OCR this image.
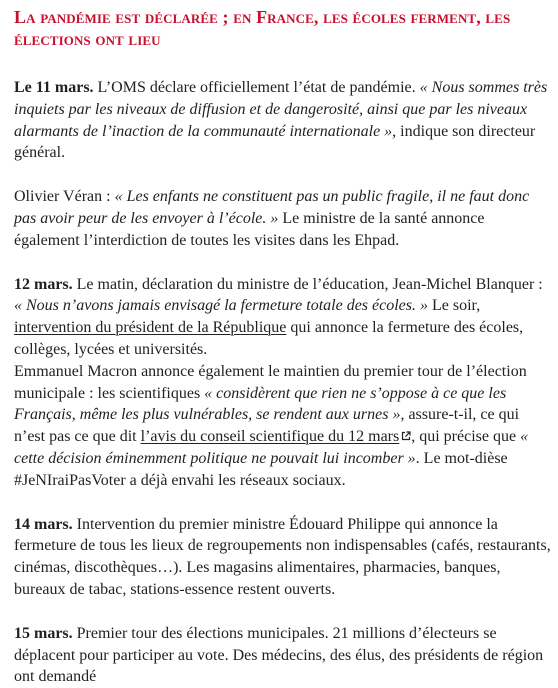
La pandémie est déclarée ; en France, les écoles ferment, les élections ont lieu

Le 11 mars. L’OMS déclare officiellement l’état de pandémie. « Nous sommes très inquiets par les niveaux de diffusion et de dangerosité, ainsi que par les niveaux alarmants de l’inaction de la communauté internationale », indique son directeur général.

Olivier Véran : « Les enfants ne constituent pas un public fragile, il ne faut donc pas avoir peur de les envoyer à l’école. » Le ministre de la santé annonce également l’interdiction de toutes les visites dans les Ehpad.

12 mars. Le matin, déclaration du ministre de l’éducation, Jean-Michel Blanquer : « Nous n’avons jamais envisagé la fermeture totale des écoles. » Le soir, intervention du président de la République qui annonce la fermeture des écoles, collèges, lycées et universités.

Emmanuel Macron annonce également le maintien du premier tour de l’élection municipale : les scientifiques « considèrent que rien ne s’oppose à ce que les Français, même les plus vulnérables, se rendent aux urnes », assure-t-il, ce qui n’est pas ce que dit l’avis du conseil scientifique du 12 mars , qui précise que « cette décision éminemment politique ne pouvait lui incomber ». Le mot-dièse #JeNIraiPasVoter a déjà envahi les réseaux sociaux.

14 mars. Intervention du premier ministre Édouard Philippe qui annonce la fermeture de tous les lieux de regroupements non indispensables (cafés, restaurants, cinémas, discothèques…). Les magasins alimentaires, pharmacies, banques, bureaux de tabac, stations-essence restent ouverts.

15 mars. Premier tour des élections municipales. 21 millions d’électeurs se déplacent pour participer au vote. Des médecins, des élus, des présidents de région ont demandé
